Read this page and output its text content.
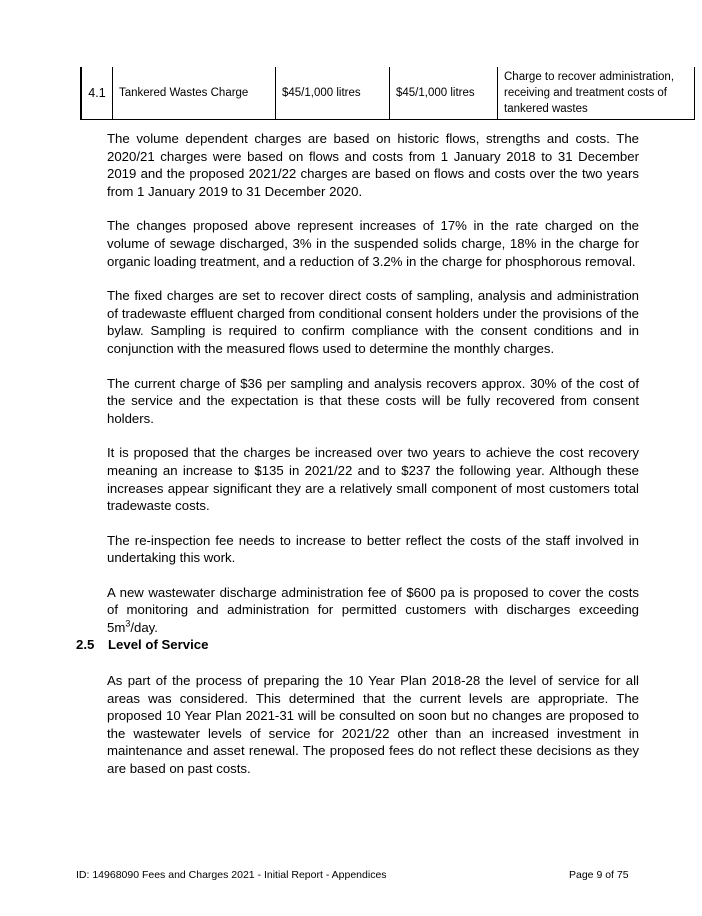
4.1	Tankered Wastes Charge	$45/1,000 litres	$45/1,000 litres	Charge to recover administration, receiving and treatment costs of tankered wastes

The volume dependent charges are based on historic flows, strengths and costs. The 2020/21 charges were based on flows and costs from 1 January 2018 to 31 December 2019 and the proposed 2021/22 charges are based on flows and costs over the two years from 1 January 2019 to 31 December 2020.

The changes proposed above represent increases of 17% in the rate charged on the volume of sewage discharged, 3% in the suspended solids charge, 18% in the charge for organic loading treatment, and a reduction of 3.2% in the charge for phosphorous removal.

The fixed charges are set to recover direct costs of sampling, analysis and administration of tradewaste effluent charged from conditional consent holders under the provisions of the bylaw. Sampling is required to confirm compliance with the consent conditions and in conjunction with the measured flows used to determine the monthly charges.

The current charge of $36 per sampling and analysis recovers approx. 30% of the cost of the service and the expectation is that these costs will be fully recovered from consent holders.

It is proposed that the charges be increased over two years to achieve the cost recovery meaning an increase to $135 in 2021/22 and to $237 the following year. Although these increases appear significant they are a relatively small component of most customers total tradewaste costs.

The re-inspection fee needs to increase to better reflect the costs of the staff involved in undertaking this work.

A new wastewater discharge administration fee of $600 pa is proposed to cover the costs of monitoring and administration for permitted customers with discharges exceeding $5m^3$/day.

2.5 Level of Service

As part of the process of preparing the 10 Year Plan 2018-28 the level of service for all areas was considered. This determined that the current levels are appropriate. The proposed 10 Year Plan 2021-31 will be consulted on soon but no changes are proposed to the wastewater levels of service for 2021/22 other than an increased investment in maintenance and asset renewal. The proposed fees do not reflect these decisions as they are based on past costs.

ID: 14968090 Fees and Charges 2021 - Initial Report - Appendices	Page 9 of 75
